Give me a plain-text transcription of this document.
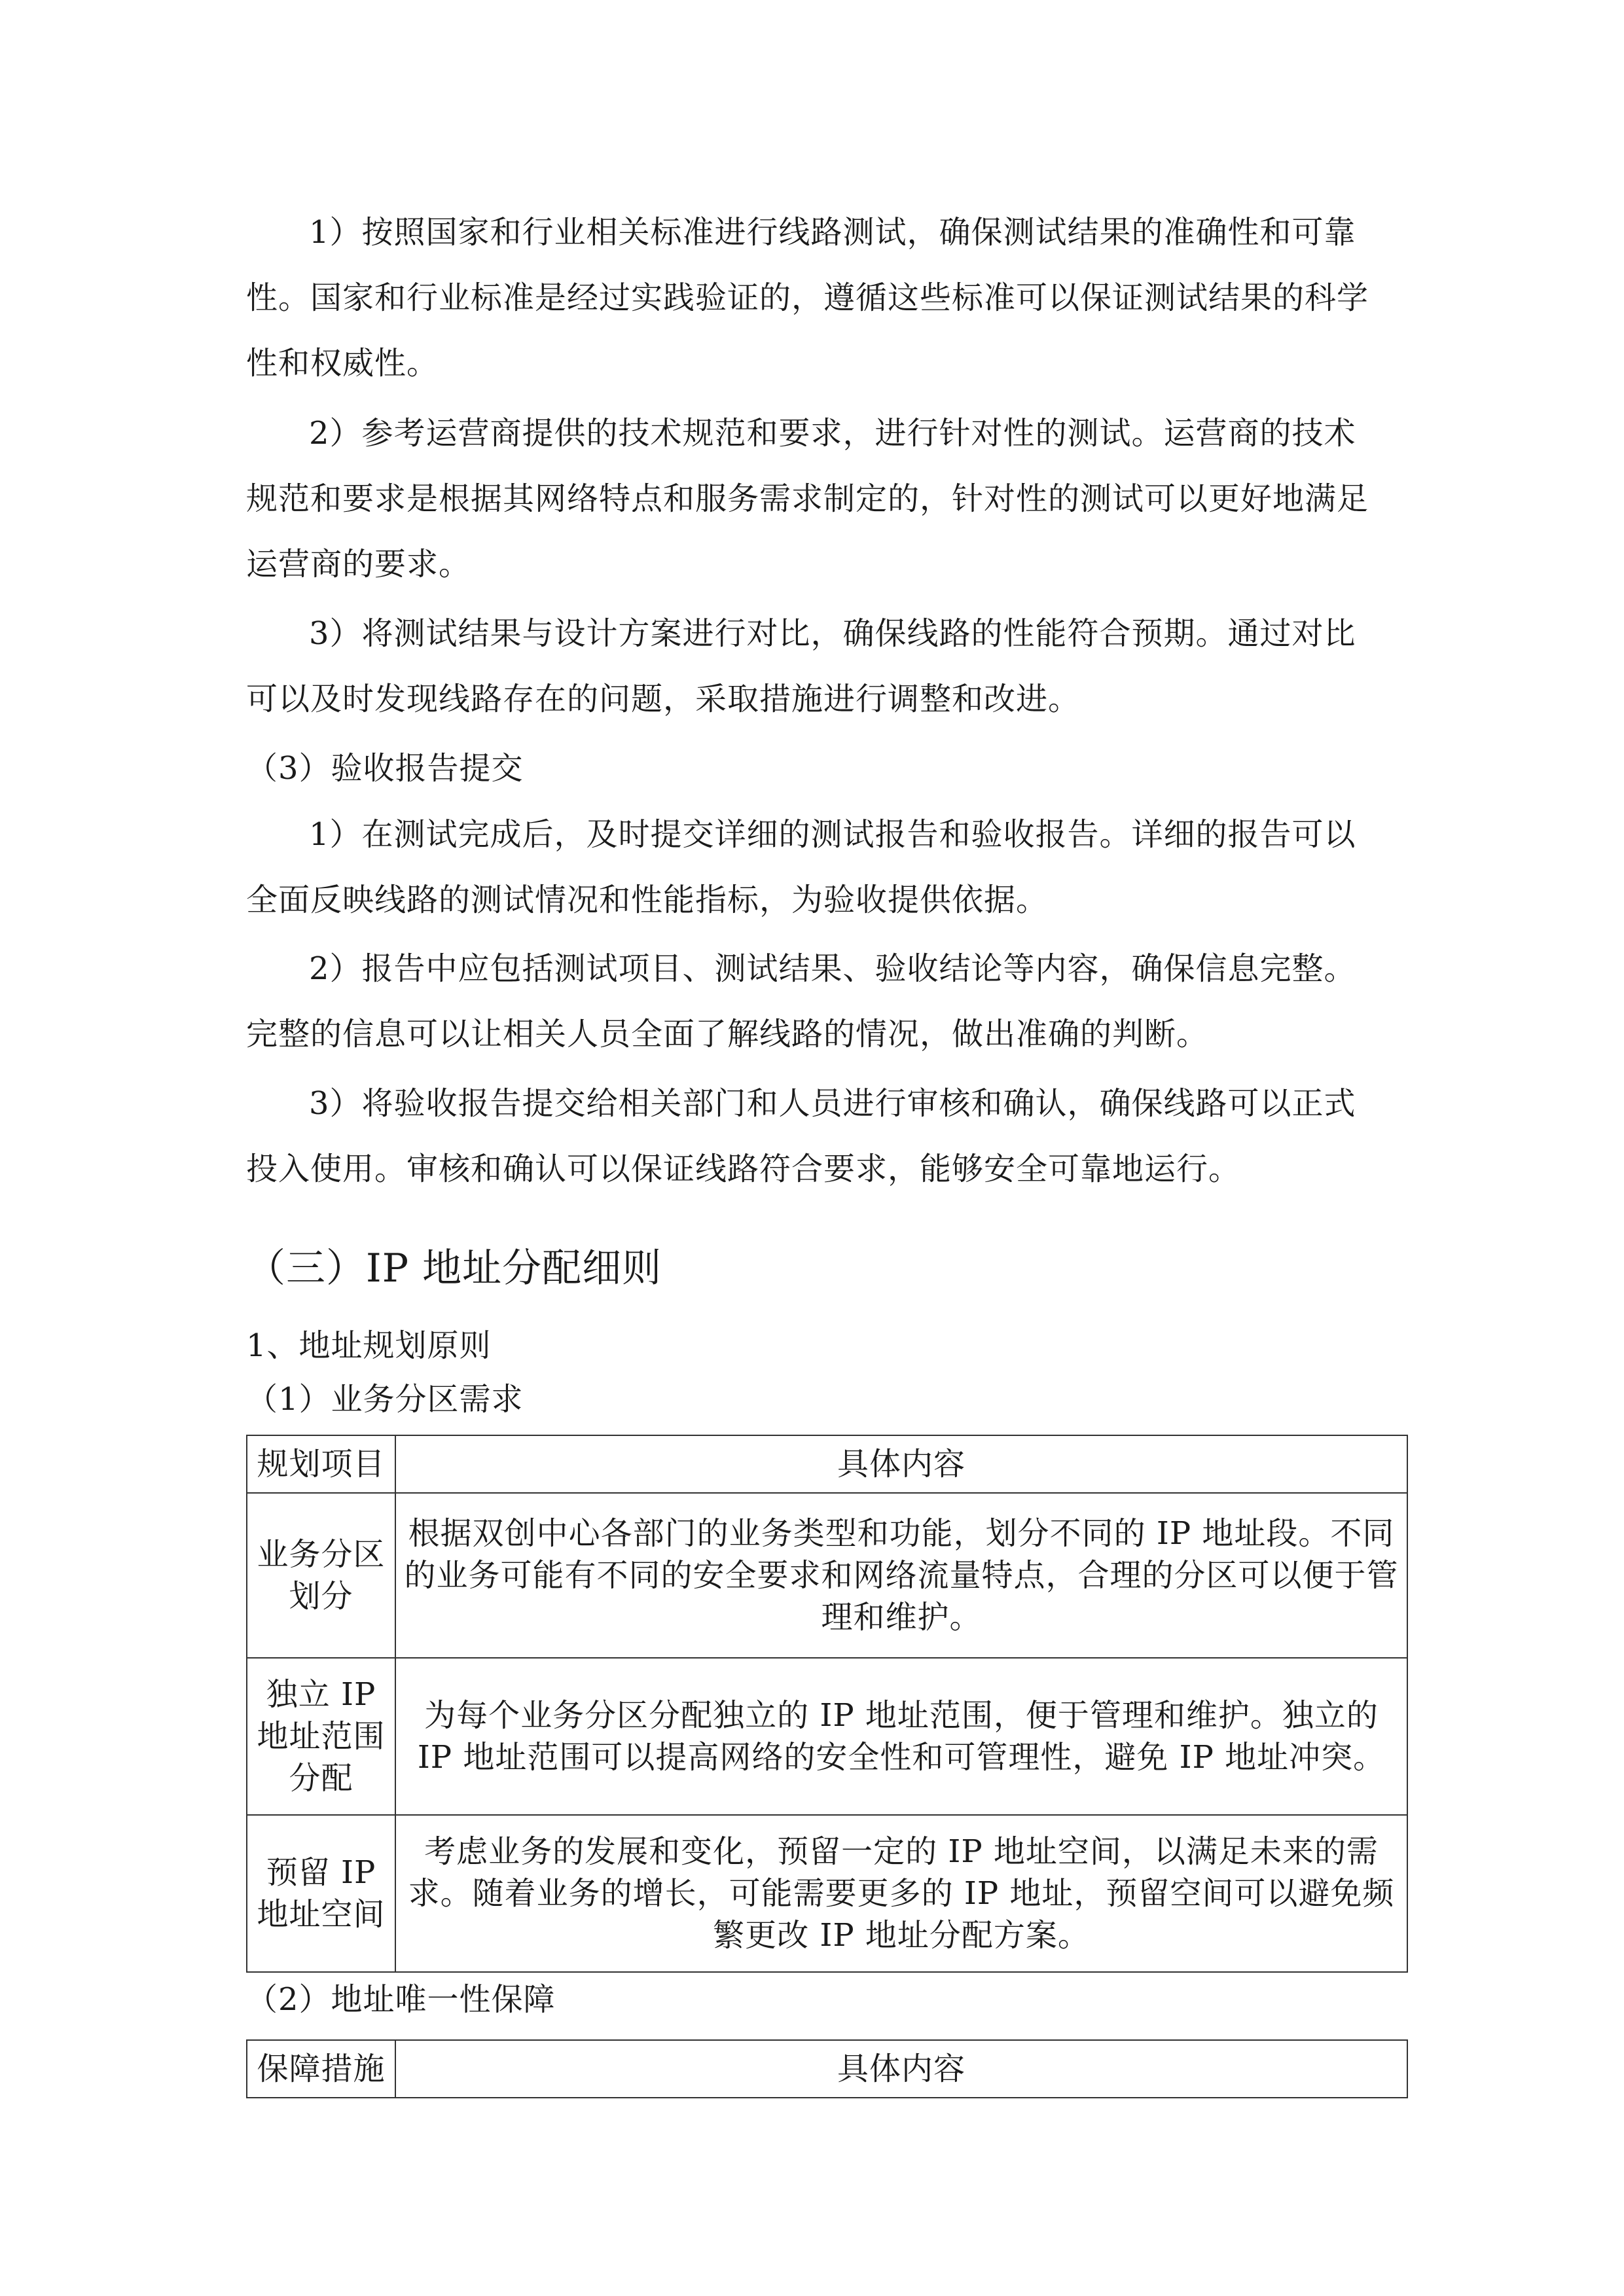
1）按照国家和行业相关标准进行线路测试，确保测试结果的准确性和可靠性。国家和行业标准是经过实践验证的，遵循这些标准可以保证测试结果的科学性和权威性。

2）参考运营商提供的技术规范和要求，进行针对性的测试。运营商的技术规范和要求是根据其网络特点和服务需求制定的，针对性的测试可以更好地满足运营商的要求。

3）将测试结果与设计方案进行对比，确保线路的性能符合预期。通过对比可以及时发现线路存在的问题，采取措施进行调整和改进。

（3）验收报告提交

1）在测试完成后，及时提交详细的测试报告和验收报告。详细的报告可以全面反映线路的测试情况和性能指标，为验收提供依据。

2）报告中应包括测试项目、测试结果、验收结论等内容，确保信息完整。完整的信息可以让相关人员全面了解线路的情况，做出准确的判断。

3）将验收报告提交给相关部门和人员进行审核和确认，确保线路可以正式投入使用。审核和确认可以保证线路符合要求，能够安全可靠地运行。

（三）IP 地址分配细则

1、地址规划原则

（1）业务分区需求

规划项目	具体内容
业务分区划分	根据双创中心各部门的业务类型和功能，划分不同的 IP 地址段。不同的业务可能有不同的安全要求和网络流量特点，合理的分区可以便于管理和维护。
独立 IP 地址范围分配	为每个业务分区分配独立的 IP 地址范围，便于管理和维护。独立的 IP 地址范围可以提高网络的安全性和可管理性，避免 IP 地址冲突。
预留 IP 地址空间	考虑业务的发展和变化，预留一定的 IP 地址空间，以满足未来的需求。随着业务的增长，可能需要更多的 IP 地址，预留空间可以避免频繁更改 IP 地址分配方案。

（2）地址唯一性保障

保障措施	具体内容
